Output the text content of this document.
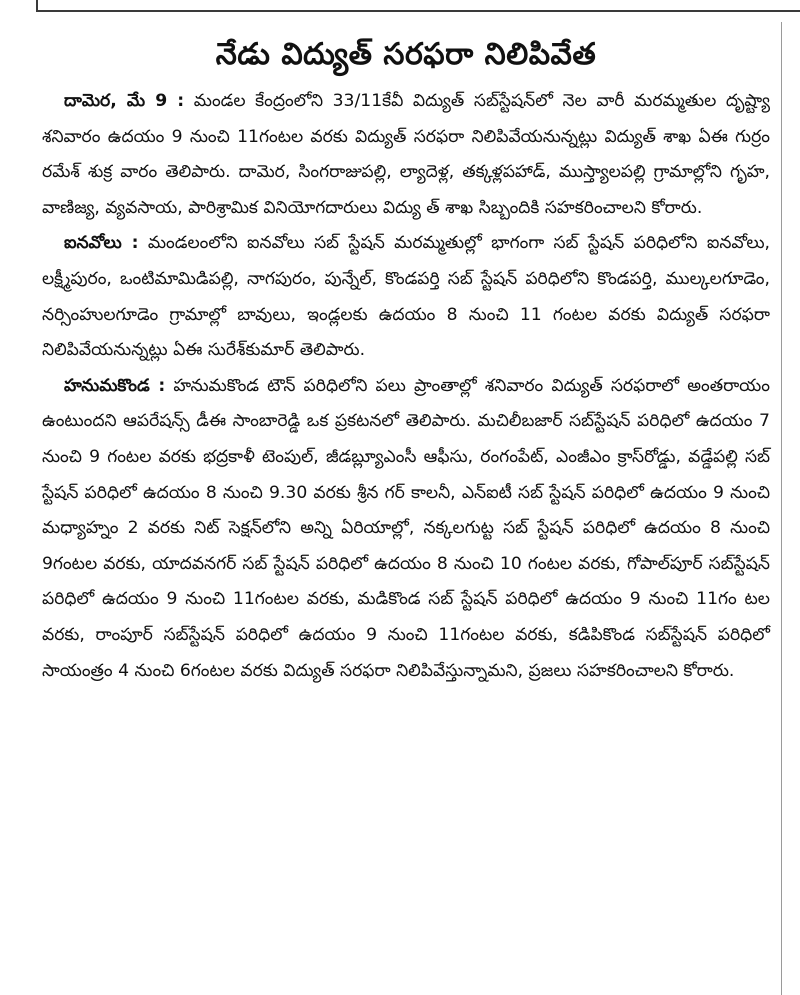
నేడు విద్యుత్ సరఫరా నిలిపివేత

దామెర, మే 9 : మండల కేంద్రంలోని 33/11కేవీ విద్యుత్ సబ్‌స్టేషన్‌లో నెల వారీ మరమ్మతుల దృష్ట్యా శనివారం ఉదయం 9 నుంచి 11గంటల వరకు విద్యుత్ సరఫరా నిలిపివేయనున్నట్లు విద్యుత్ శాఖ ఏఈ గుర్రం రమేశ్ శుక్ర వారం తెలిపారు. దామెర, సింగరాజుపల్లి, ల్యాదెళ్ల, తక్కళ్లపహాడ్, ముస్త్యాలపల్లి గ్రామాల్లోని గృహ, వాణిజ్య, వ్యవసాయ, పారిశ్రామిక వినియోగదారులు విద్యు త్ శాఖ సిబ్బందికి సహకరించాలని కోరారు.

ఐనవోలు : మండలంలోని ఐనవోలు సబ్ స్టేషన్ మరమ్మతుల్లో భాగంగా సబ్ స్టేషన్ పరిధిలోని ఐనవోలు, లక్ష్మీపురం, ఒంటిమామిడిపల్లి, నాగపురం, పున్నేల్, కొండపర్తి సబ్ స్టేషన్ పరిధిలోని కొండపర్తి, ముల్కలగూడెం, నర్సింహులగూడెం గ్రామాల్లో బావులు, ఇండ్లలకు ఉదయం 8 నుంచి 11 గంటల వరకు విద్యుత్ సరఫరా నిలిపివేయనున్నట్లు ఏఈ సురేశ్‌కుమార్ తెలిపారు.

హనుమకొండ : హనుమకొండ టౌన్ పరిధిలోని పలు ప్రాంతాల్లో శనివారం విద్యుత్ సరఫరాలో అంతరాయం ఉంటుందని ఆపరేషన్స్ డీఈ సాంబారెడ్డి ఒక ప్రకటనలో తెలిపారు. మచిలీబజార్ సబ్‌స్టేషన్ పరిధిలో ఉదయం 7 నుంచి 9 గంటల వరకు భద్రకాళీ టెంపుల్, జీడబ్ల్యూఎంసీ ఆఫీసు, రంగంపేట్, ఎంజీఎం క్రాస్‌రోడ్డు, వడ్డేపల్లి సబ్ స్టేషన్ పరిధిలో ఉదయం 8 నుంచి 9.30 వరకు శ్రీన గర్ కాలనీ, ఎన్ఐటీ సబ్ స్టేషన్ పరిధిలో ఉదయం 9 నుంచి మధ్యాహ్నం 2 వరకు నిట్ సెక్షన్‌లోని అన్ని ఏరియాల్లో, నక్కలగుట్ట సబ్ స్టేషన్ పరిధిలో ఉదయం 8 నుంచి 9గంటల వరకు, యాదవనగర్ సబ్ స్టేషన్ పరిధిలో ఉదయం 8 నుంచి 10 గంటల వరకు, గోపాల్‌పూర్ సబ్‌స్టేషన్ పరిధిలో ఉదయం 9 నుంచి 11గంటల వరకు, మడికొండ సబ్ స్టేషన్ పరిధిలో ఉదయం 9 నుంచి 11గం టల వరకు, రాంపూర్ సబ్‌స్టేషన్ పరిధిలో ఉదయం 9 నుంచి 11గంటల వరకు, కడిపికొండ సబ్‌స్టేషన్ పరిధిలో సాయంత్రం 4 నుంచి 6గంటల వరకు విద్యుత్ సరఫరా నిలిపివేస్తున్నామని, ప్రజలు సహకరించాలని కోరారు.
